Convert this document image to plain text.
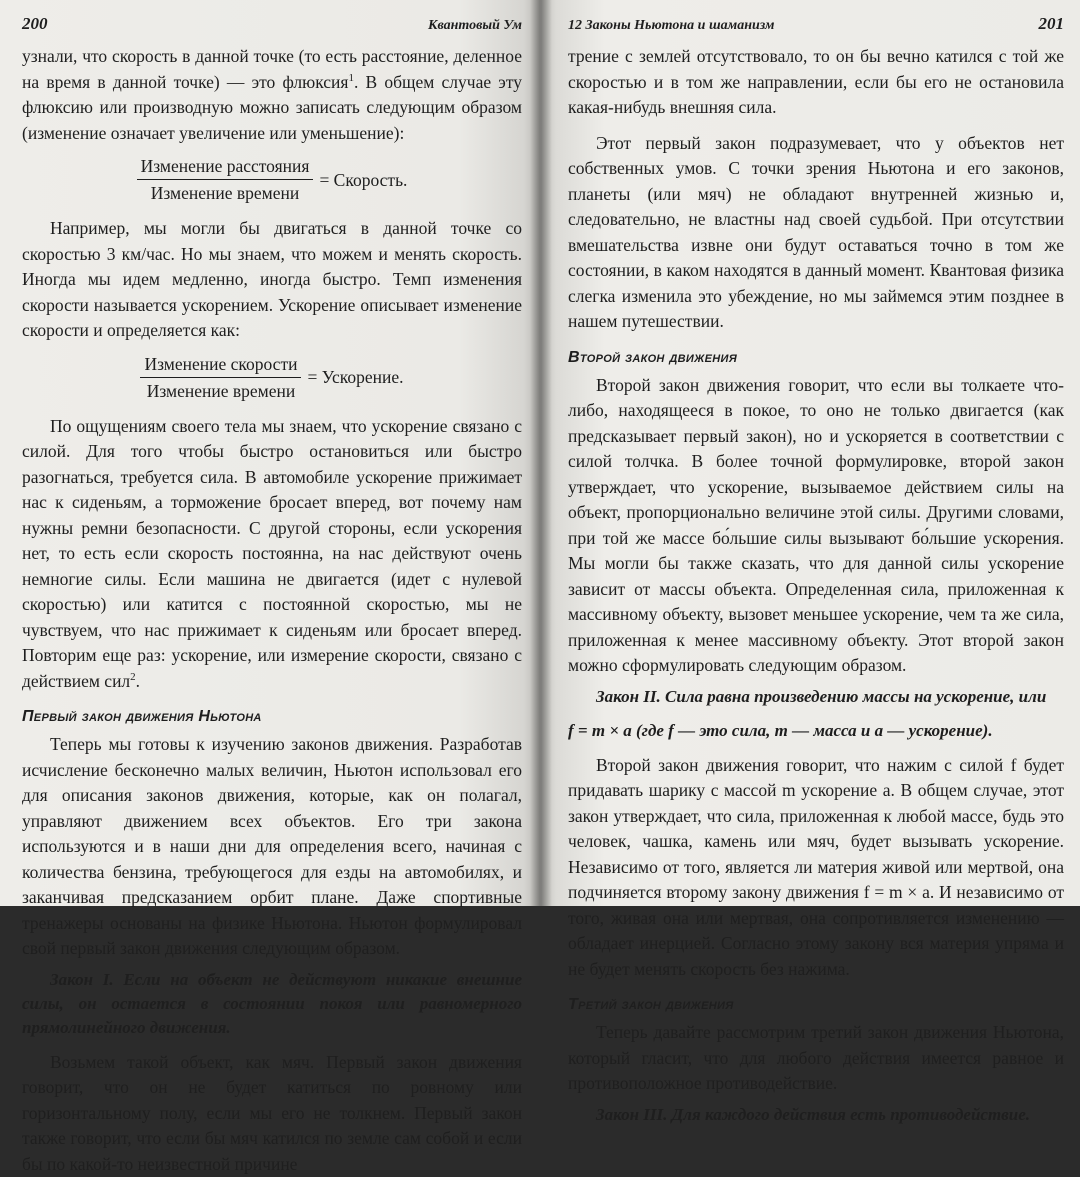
200	Квантовый Ум

узнали, что скорость в данной точке (то есть расстояние, деленное на время в данной точке) — это флюксия$^1$. В общем случае эту флюксию или производную можно записать следующим образом (изменение означает увеличение или уменьшение):

$\frac{\text{Изменение расстояния}}{\text{Изменение времени}}$ = Скорость.

Например, мы могли бы двигаться в данной точке со скоростью 3 км/час. Но мы знаем, что можем и менять скорость. Иногда мы идем медленно, иногда быстро. Темп изменения скорости называется ускорением. Ускорение описывает изменение скорости и определяется как:

$\frac{\text{Изменение скорости}}{\text{Изменение времени}}$ = Ускорение.

По ощущениям своего тела мы знаем, что ускорение связано с силой. Для того чтобы быстро остановиться или быстро разогнаться, требуется сила. В автомобиле ускорение прижимает нас к сиденьям, а торможение бросает вперед, вот почему нам нужны ремни безопасности. С другой стороны, если ускорения нет, то есть если скорость постоянна, на нас действуют очень немногие силы. Если машина не двигается (идет с нулевой скоростью) или катится с постоянной скоростью, мы не чувствуем, что нас прижимает к сиденьям или бросает вперед. Повторим еще раз: ускорение, или измерение скорости, связано с действием сил$^2$.

Первый закон движения Ньютона

Теперь мы готовы к изучению законов движения. Разработав исчисление бесконечно малых величин, Ньютон использовал его для описания законов движения, которые, как он полагал, управляют движением всех объектов. Его три закона используются и в наши дни для определения всего, начиная с количества бензина, требующегося для езды на автомобилях, и заканчивая предсказанием орбит плане. Даже спортивные тренажеры основаны на физике Ньютона. Ньютон формулировал свой первый закон движения следующим образом.

Закон I. Если на объект не действуют никакие внешние силы, он остается в состоянии покоя или равномерного прямолинейного движения.

Возьмем такой объект, как мяч. Первый закон движения говорит, что он не будет катиться по ровному или горизонтальному полу, если мы его не толкнем. Первый закон также говорит, что если бы мяч катился по земле сам собой и если бы по какой-то неизвестной причине

12 Законы Ньютона и шаманизм	201

трение с землей отсутствовало, то он бы вечно катился с той же скоростью и в том же направлении, если бы его не остановила какая-нибудь внешняя сила.

Этот первый закон подразумевает, что у объектов нет собственных умов. С точки зрения Ньютона и его законов, планеты (или мяч) не обладают внутренней жизнью и, следовательно, не властны над своей судьбой. При отсутствии вмешательства извне они будут оставаться точно в том же состоянии, в каком находятся в данный момент. Квантовая физика слегка изменила это убеждение, но мы займемся этим позднее в нашем путешествии.

Второй закон движения

Второй закон движения говорит, что если вы толкаете что-либо, находящееся в покое, то оно не только двигается (как предсказывает первый закон), но и ускоряется в соответствии с силой толчка. В более точной формулировке, второй закон утверждает, что ускорение, вызываемое действием силы на объект, пропорционально величине этой силы. Другими словами, при той же массе бо́льшие силы вызывают бо́льшие ускорения. Мы могли бы также сказать, что для данной силы ускорение зависит от массы объекта. Определенная сила, приложенная к массивному объекту, вызовет меньшее ускорение, чем та же сила, приложенная к менее массивному объекту. Этот второй закон можно сформулировать следующим образом.

Закон II. Сила равна произведению массы на ускорение, или

f = m × a (где f — это сила, m — масса и a — ускорение).

Второй закон движения говорит, что нажим с силой f будет придавать шарику с массой m ускорение a. В общем случае, этот закон утверждает, что сила, приложенная к любой массе, будь это человек, чашка, камень или мяч, будет вызывать ускорение. Независимо от того, является ли материя живой или мертвой, она подчиняется второму закону движения f = m × a. И независимо от того, живая она или мертвая, она сопротивляется изменению — обладает инерцией. Согласно этому закону вся материя упряма и не будет менять скорость без нажима.

Третий закон движения

Теперь давайте рассмотрим третий закон движения Ньютона, который гласит, что для любого действия имеется равное и противоположное противодействие.

Закон III. Для каждого действия есть противодействие.
